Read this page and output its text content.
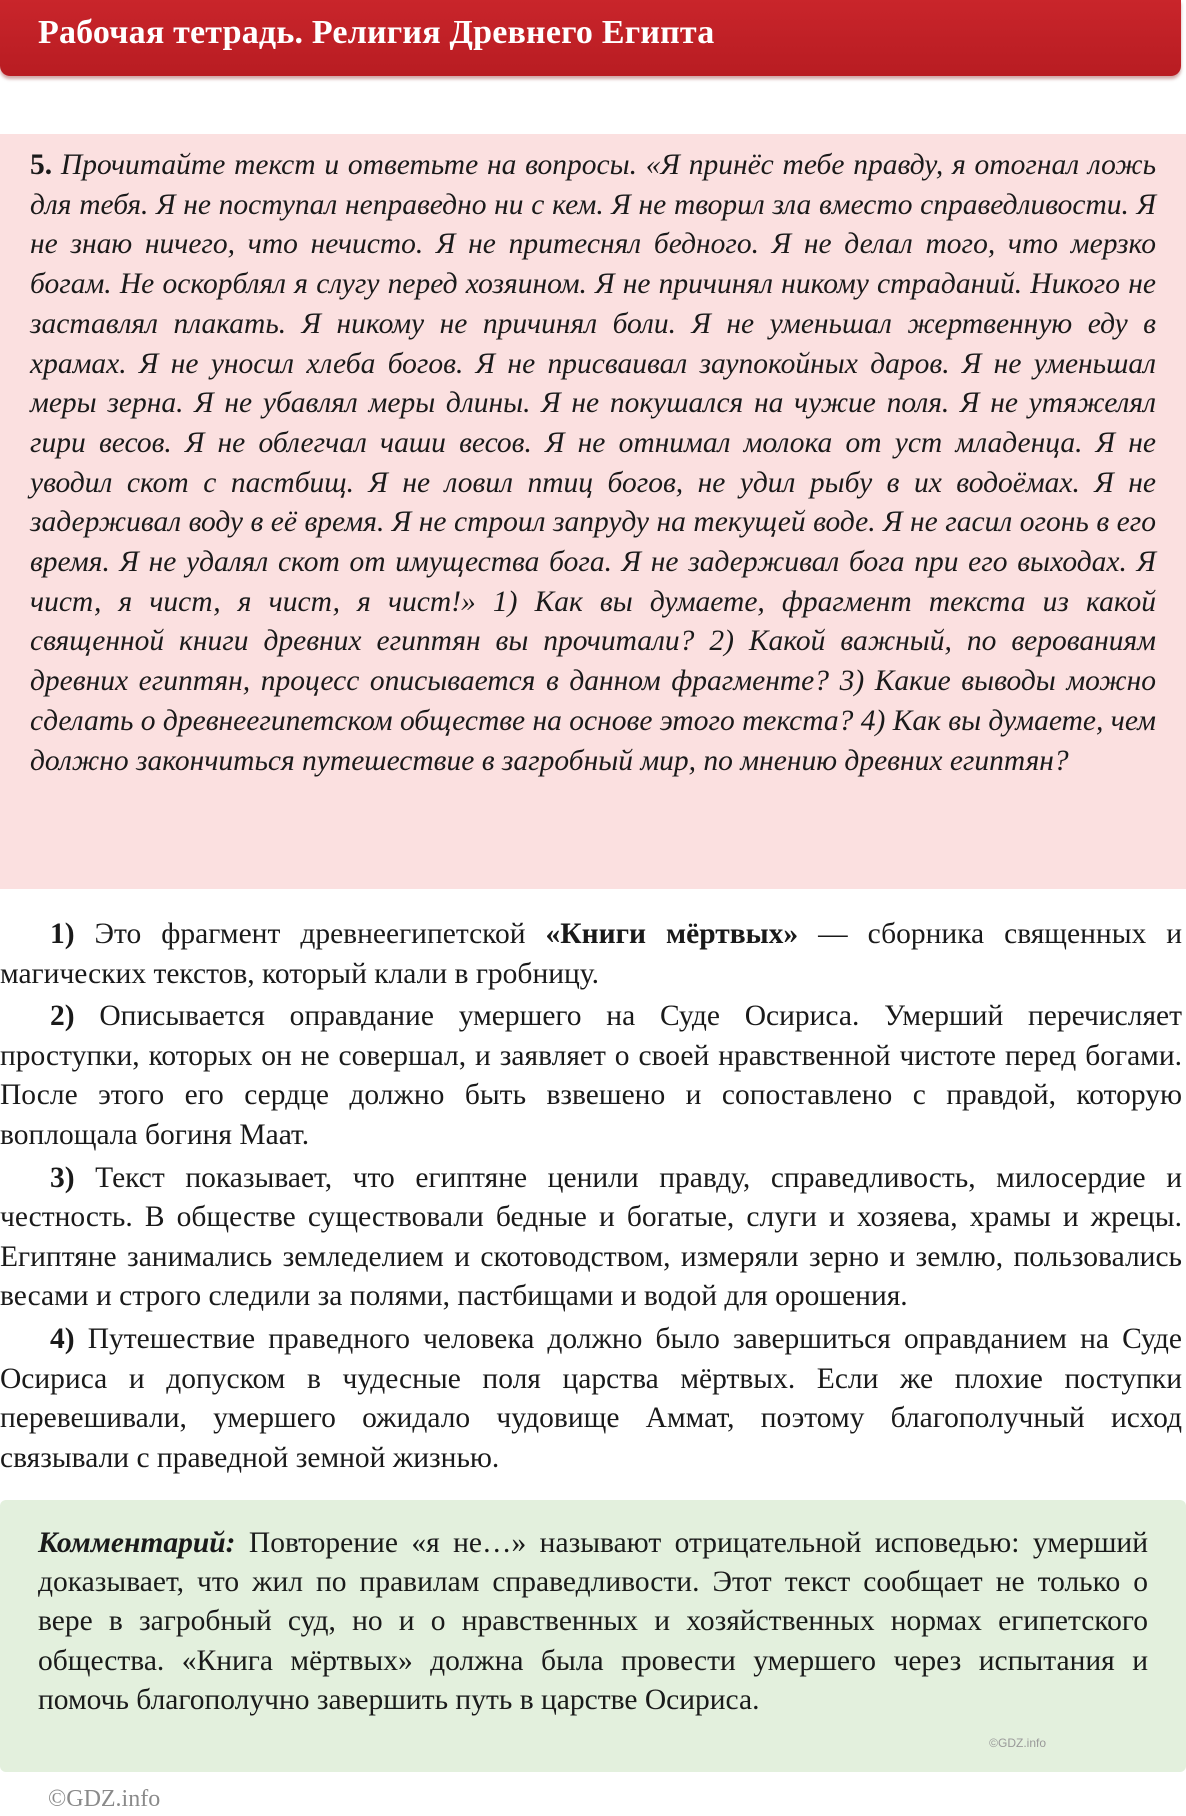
Рабочая тетрадь. Религия Древнего Египта

5. Прочитайте текст и ответьте на вопросы. «Я принёс тебе правду, я отогнал ложь для тебя. Я не поступал неправедно ни с кем. Я не творил зла вместо справедливости. Я не знаю ничего, что нечисто. Я не притеснял бедного. Я не делал того, что мерзко богам. Не оскорблял я слугу перед хозяином. Я не причинял никому страданий. Никого не заставлял плакать. Я никому не причинял боли. Я не уменьшал жертвенную еду в храмах. Я не уносил хлеба богов. Я не присваивал заупокойных даров. Я не уменьшал меры зерна. Я не убавлял меры длины. Я не покушался на чужие поля. Я не утяжелял гири весов. Я не облегчал чаши весов. Я не отнимал молока от уст младенца. Я не уводил скот с пастбищ. Я не ловил птиц богов, не удил рыбу в их водоёмах. Я не задерживал воду в её время. Я не строил запруду на текущей воде. Я не гасил огонь в его время. Я не удалял скот от имущества бога. Я не задерживал бога при его выходах. Я чист, я чист, я чист, я чист!» 1) Как вы думаете, фрагмент текста из какой священной книги древних египтян вы прочитали? 2) Какой важный, по верованиям древних египтян, процесс описывается в данном фрагменте? 3) Какие выводы можно сделать о древнеегипетском обществе на основе этого текста? 4) Как вы думаете, чем должно закончиться путешествие в загробный мир, по мнению древних египтян?

1) Это фрагмент древнеегипетской «Книги мёртвых» — сборника священных и магических текстов, который клали в гробницу.

2) Описывается оправдание умершего на Суде Осириса. Умерший перечисляет проступки, которых он не совершал, и заявляет о своей нравственной чистоте перед богами. После этого его сердце должно быть взвешено и сопоставлено с правдой, которую воплощала богиня Маат.

3) Текст показывает, что египтяне ценили правду, справедливость, милосердие и честность. В обществе существовали бедные и богатые, слуги и хозяева, храмы и жрецы. Египтяне занимались земледелием и скотоводством, измеряли зерно и землю, пользовались весами и строго следили за полями, пастбищами и водой для орошения.

4) Путешествие праведного человека должно было завершиться оправданием на Суде Осириса и допуском в чудесные поля царства мёртвых. Если же плохие поступки перевешивали, умершего ожидало чудовище Аммат, поэтому благополучный исход связывали с праведной земной жизнью.

Комментарий: Повторение «я не…» называют отрицательной исповедью: умерший доказывает, что жил по правилам справедливости. Этот текст сообщает не только о вере в загробный суд, но и о нравственных и хозяйственных нормах египетского общества. «Книга мёртвых» должна была провести умершего через испытания и помочь благополучно завершить путь в царстве Осириса.

©GDZ.info
©GDZ.info
